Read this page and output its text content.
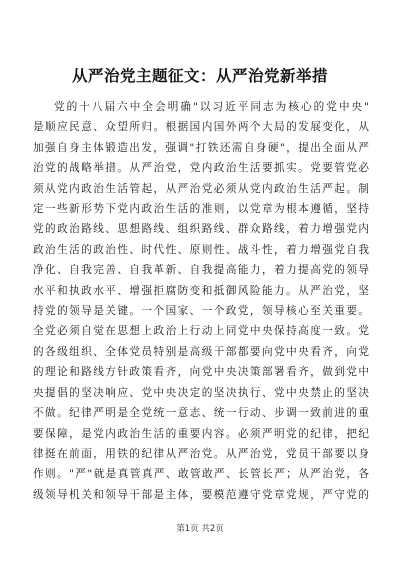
从严治党主题征文：从严治党新举措
党的十八届六中全会明确"以习近平同志为核心的党中央"
是顺应民意、众望所归。根据国内国外两个大局的发展变化，从
加强自身主体锻造出发，强调"打铁还需自身硬"，提出全面从严
治党的战略举措。从严治党，党内政治生活要抓实。党要管党必
须从党内政治生活管起，从严治党必须从党内政治生活严起。制
定一些新形势下党内政治生活的准则，以党章为根本遵循，坚持
党的政治路线、思想路线、组织路线、群众路线，着力增强党内
政治生活的政治性、时代性、原则性、战斗性，着力增强党自我
净化、自我完善、自我革新、自我提高能力，着力提高党的领导
水平和执政水平、增强拒腐防变和抵御风险能力。从严治党，坚
持党的领导是关键。一个国家、一个政党，领导核心至关重要。
全党必须自觉在思想上政治上行动上同党中央保持高度一致。党
的各级组织、全体党员特别是高级干部都要向党中央看齐，向党
的理论和路线方针政策看齐，向党中央决策部署看齐，做到党中
央提倡的坚决响应、党中央决定的坚决执行、党中央禁止的坚决
不做。纪律严明是全党统一意志、统一行动、步调一致前进的重
要保障，是党内政治生活的重要内容。必须严明党的纪律，把纪
律挺在前面，用铁的纪律从严治党。从严治党，党员干部要以身
作则。"严"就是真管真严、敢管敢严、长管长严；从严治党，各
级领导机关和领导干部是主体，要模范遵守党章党规，严守党的
第1页 共2页
